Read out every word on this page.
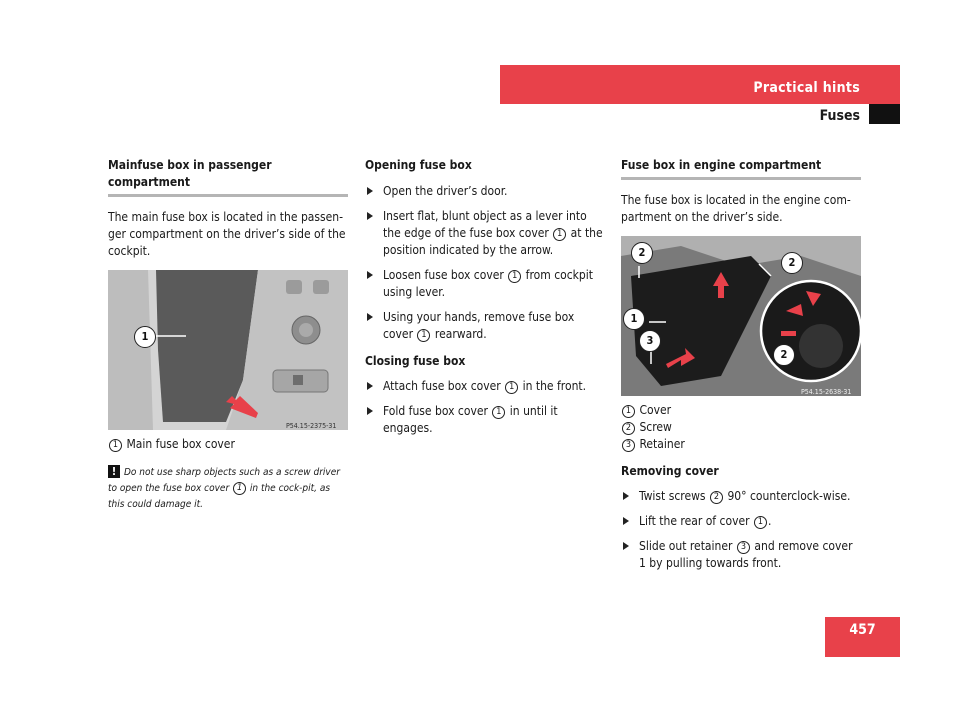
Practical hints
Fuses
Mainfuse box in passenger compartment

The main fuse box is located in the passen-ger compartment on the driver’s side of the cockpit.

1
P54.15-2375-31
1 Main fuse box cover
! Do not use sharp objects such as a screw driver to open the fuse box cover 1 in the cock-pit, as this could damage it.
Opening fuse box
Open the driver’s door.
Insert flat, blunt object as a lever into the edge of the fuse box cover 1 at the position indicated by the arrow.
Loosen fuse box cover 1 from cockpit using lever.
Using your hands, remove fuse box cover 1 rearward.
Closing fuse box
Attach fuse box cover 1 in the front.
Fold fuse box cover 1 in until it engages.
Fuse box in engine compartment

The fuse box is located in the engine com-partment on the driver’s side.

2
2
1
3
2
P54.15-2638-31
1 Cover
2 Screw
3 Retainer
Removing cover
Twist screws 2 90° counterclock-wise.
Lift the rear of cover 1 .
Slide out retainer 3 and remove cover 1 by pulling towards front.
457
